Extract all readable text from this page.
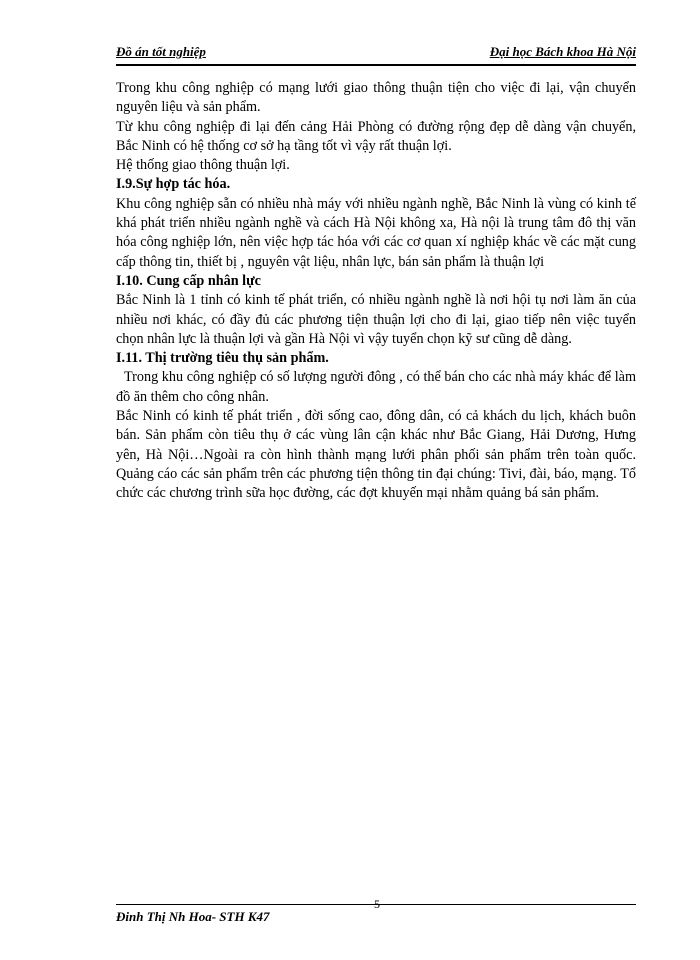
Đồ án tốt nghiệp	Đại học Bách khoa Hà Nội

Trong khu công nghiệp có mạng lưới giao thông thuận tiện cho việc đi lại, vận chuyển nguyên liệu và sản phẩm.

Từ khu công nghiệp đi lại đến cảng Hải Phòng có đường rộng đẹp dễ dàng vận chuyển, Bắc Ninh có hệ thống cơ sở hạ tầng tốt vì vậy rất thuận lợi.

Hệ thống giao thông thuận lợi.

I.9.Sự hợp tác hóa.

Khu công nghiệp sẵn có nhiều nhà máy với nhiều ngành nghề, Bắc Ninh là vùng có kinh tế khá phát triển nhiều ngành nghề và cách Hà Nội không xa, Hà nội là trung tâm đô thị văn hóa công nghiệp lớn, nên việc hợp tác hóa với các cơ quan xí nghiệp khác về các mặt cung cấp thông tin, thiết bị , nguyên vật liệu, nhân lực, bán sản phẩm là thuận lợi

I.10. Cung cấp nhân lực

Bắc Ninh là 1 tỉnh có kinh tế phát triển, có nhiều ngành nghề là nơi hội tụ nơi làm ăn của nhiều nơi khác, có đầy đủ các phương tiện thuận lợi cho đi lại, giao tiếp nên việc tuyển chọn nhân lực là thuận lợi và gần Hà Nội vì vậy tuyển chọn kỹ sư cũng dễ dàng.

I.11. Thị trường tiêu thụ sản phẩm.

Trong khu công nghiệp có số lượng người đông , có thể bán cho các nhà máy khác để làm đồ ăn thêm cho công nhân.

Bắc Ninh có kinh tế phát triển , đời sống cao, đông dân, có cả khách du lịch, khách buôn bán. Sản phẩm còn tiêu thụ ở các vùng lân cận khác như Bắc Giang, Hải Dương, Hưng yên, Hà Nội…Ngoài ra còn hình thành mạng lưới phân phối sản phẩm trên toàn quốc. Quảng cáo các sản phẩm trên các phương tiện thông tin đại chúng: Tivi, đài, báo, mạng. Tổ chức các chương trình sữa học đường, các đợt khuyến mại nhằm quảng bá sản phẩm.

Đinh Thị Nh Hoa- STH K47
5
